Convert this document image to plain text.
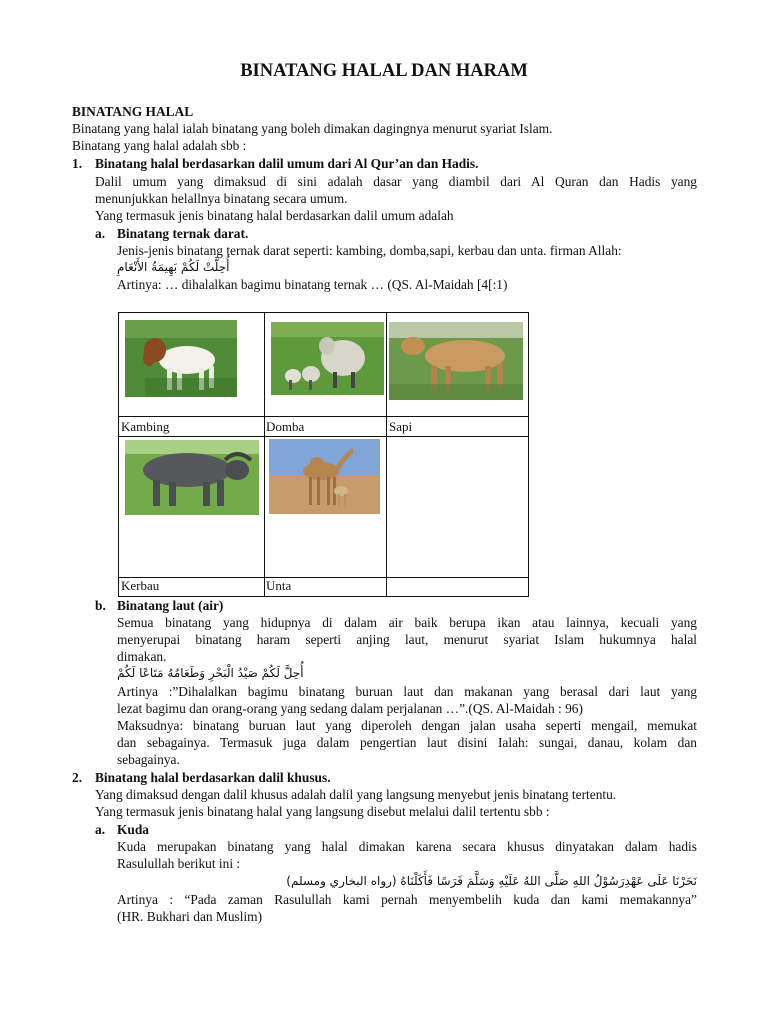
BINATANG HALAL DAN HARAM
BINATANG HALAL
Binatang yang halal ialah binatang yang boleh dimakan dagingnya menurut syariat Islam.
Binatang yang halal adalah sbb :
1. Binatang halal berdasarkan dalil umum dari Al Qur’an dan Hadis.
Dalil umum yang dimaksud di sini adalah dasar yang diambil dari Al Quran dan Hadis yang
menunjukkan helallnya binatang secara umum.
Yang termasuk jenis binatang halal berdasarkan dalil umum adalah
a. Binatang ternak darat.
Jenis-jenis binatang ternak darat seperti: kambing, domba,sapi, kerbau dan unta. firman Allah:
أُحِلَّتْ لَكُمْ بَهِيمَةُ الأَنْعَامِ
Artinya: … dihalalkan bagimu binatang ternak … (QS. Al-Maidah [4[:1)
Kambing	Domba	Sapi
Kerbau	Unta
b. Binatang laut (air)
Semua binatang yang hidupnya di dalam air baik berupa ikan atau lainnya, kecuali yang
menyerupai binatang haram seperti anjing laut, menurut syariat Islam hukumnya halal
dimakan.
أُحِلَّ لَكُمْ صَيْدُ الْبَحْرِ وَطَعَامُهُ مَتَاعًا لَكُمْ
Artinya :”Dihalalkan bagimu binatang buruan laut dan makanan yang berasal dari laut yang
lezat bagimu dan orang-orang yang sedang dalam perjalanan …”.(QS. Al-Maidah : 96)
Maksudnya: binatang buruan laut yang diperoleh dengan jalan usaha seperti mengail, memukat
dan sebagainya. Termasuk juga dalam pengertian laut disini Ialah: sungai, danau, kolam dan
sebagainya.
2. Binatang halal berdasarkan dalil khusus.
Yang dimaksud dengan dalil khusus adalah dalil yang langsung menyebut jenis binatang tertentu.
Yang termasuk jenis binatang halal yang langsung disebut melalui dalil tertentu sbb :
a. Kuda
Kuda merupakan binatang yang halal dimakan karena secara khusus dinyatakan dalam hadis
Rasulullah berikut ini :
نَحَرْنَا عَلَى عَهْدِرَسُوْلُ اللهِ صَلَّى اللهُ عَلَيْهِ وَسَلَّمَ فَرَسًا فَأَكَلْنَاهُ (رواه البخاري ومسلم)
Artinya : “Pada zaman Rasulullah kami pernah menyembelih kuda dan kami memakannya”
(HR. Bukhari dan Muslim)
